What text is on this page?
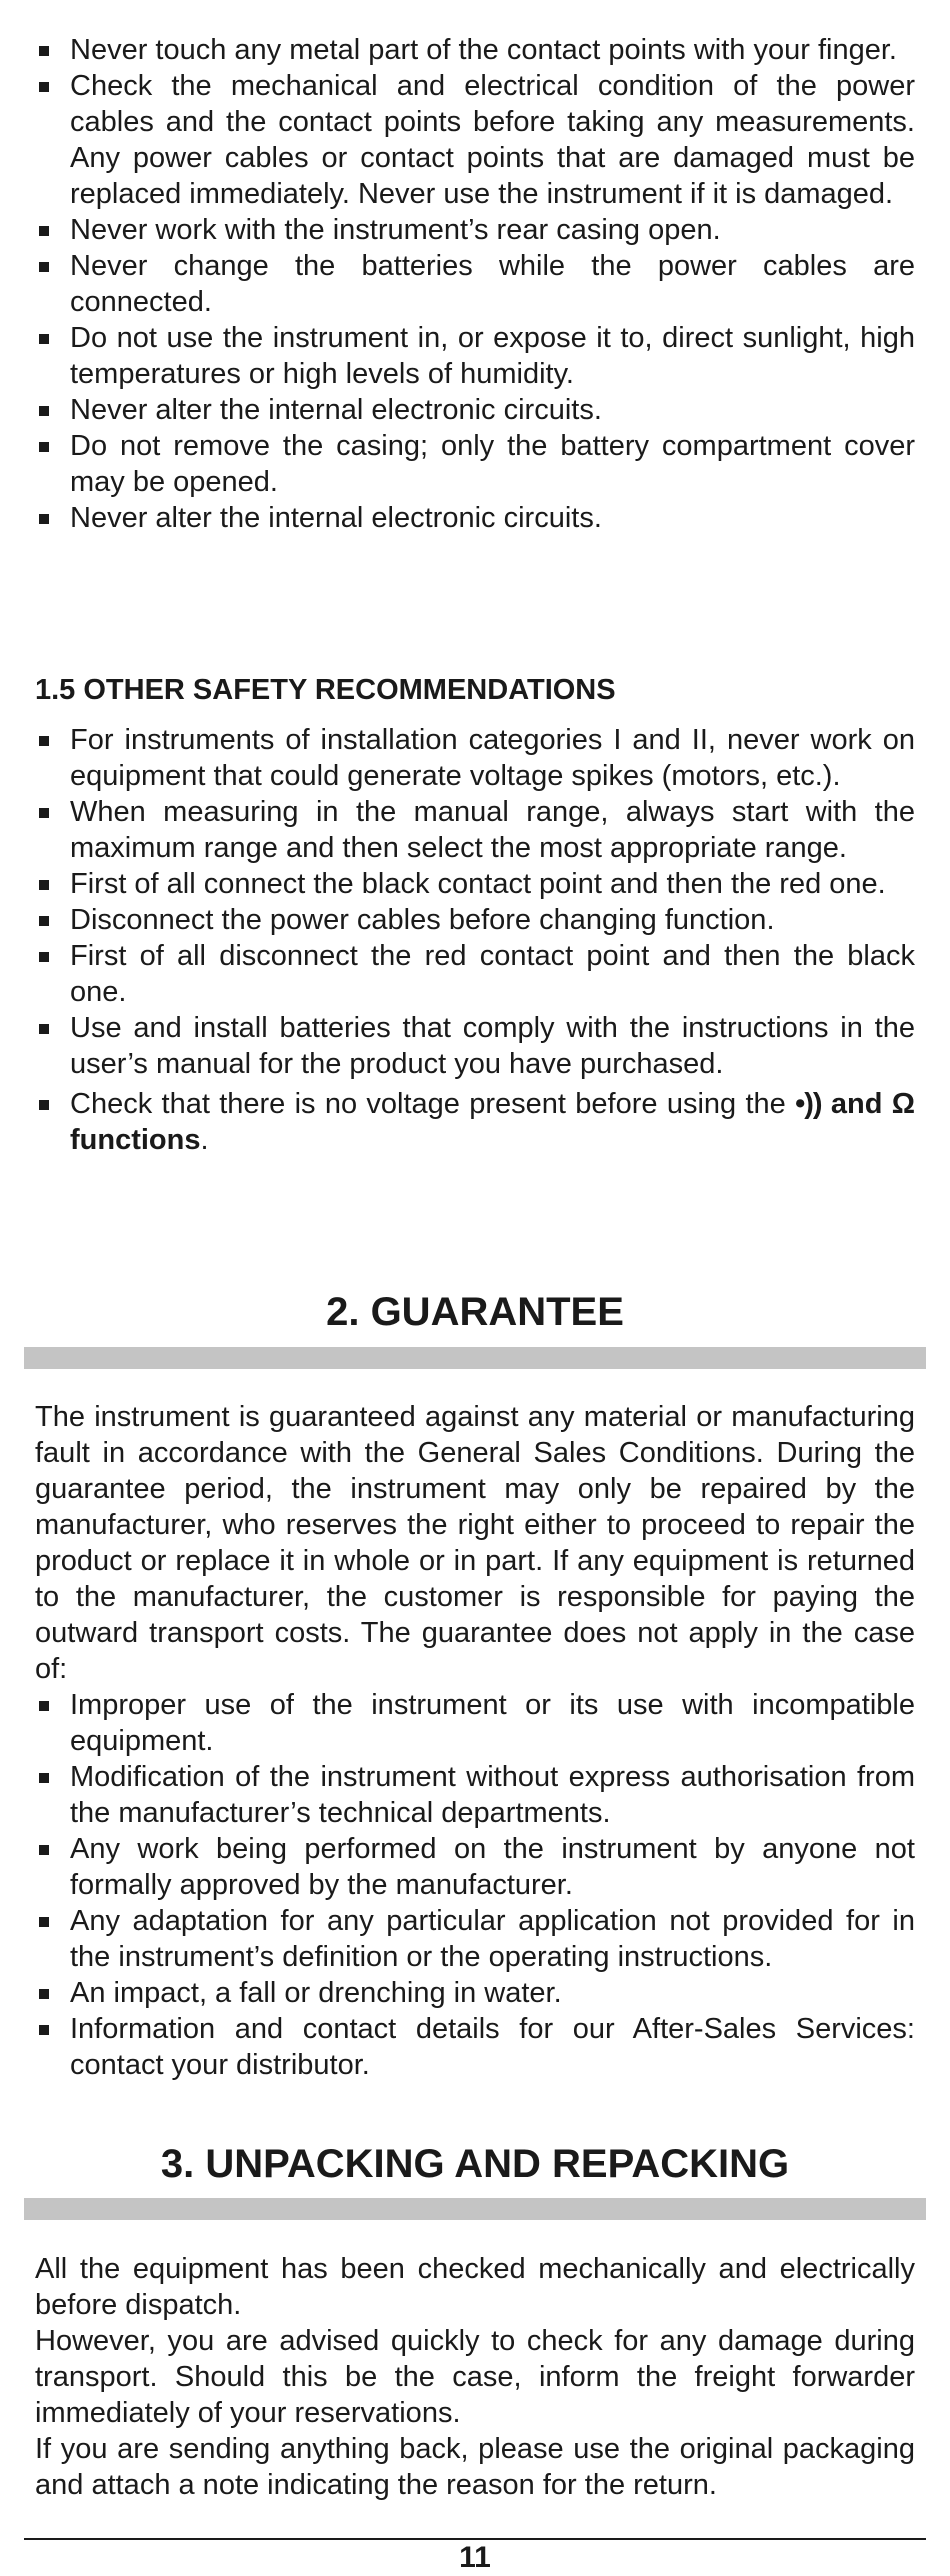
Never touch any metal part of the contact points with your finger.
Check the mechanical and electrical condition of the power cables and the contact points before taking any measurements. Any power cables or contact points that are damaged must be replaced immediately. Never use the instrument if it is damaged.
Never work with the instrument’s rear casing open.
Never change the batteries while the power cables are connected.
Do not use the instrument in, or expose it to, direct sunlight, high temperatures or high levels of humidity.
Never alter the internal electronic circuits.
Do not remove the casing; only the battery compartment cover may be opened.
Never alter the internal electronic circuits.
1.5 OTHER SAFETY RECOMMENDATIONS
For instruments of installation categories I and II, never work on equipment that could generate voltage spikes (motors, etc.).
When measuring in the manual range, always start with the maximum range and then select the most appropriate range.
First of all connect the black contact point and then the red one.
Disconnect the power cables before changing function.
First of all disconnect the red contact point and then the black one.
Use and install batteries that comply with the instructions in the user’s manual for the product you have purchased.
Check that there is no voltage present before using the •)) and Ω functions.
2. GUARANTEE

The instrument is guaranteed against any material or manufacturing fault in accordance with the General Sales Conditions. During the guarantee period, the instrument may only be repaired by the manufacturer, who reserves the right either to proceed to repair the product or replace it in whole or in part. If any equipment is returned to the manufacturer, the customer is responsible for paying the outward transport costs. The guarantee does not apply in the case of:

Improper use of the instrument or its use with incompatible equipment.
Modification of the instrument without express authorisation from the manufacturer’s technical departments.
Any work being performed on the instrument by anyone not formally approved by the manufacturer.
Any adaptation for any particular application not provided for in the instrument’s definition or the operating instructions.
An impact, a fall or drenching in water.
Information and contact details for our After-Sales Services: contact your distributor.
3. UNPACKING AND REPACKING

All the equipment has been checked mechanically and electrically before dispatch.

However, you are advised quickly to check for any damage during transport. Should this be the case, inform the freight forwarder immediately of your reservations.

If you are sending anything back, please use the original packaging and attach a note indicating the reason for the return.

11
